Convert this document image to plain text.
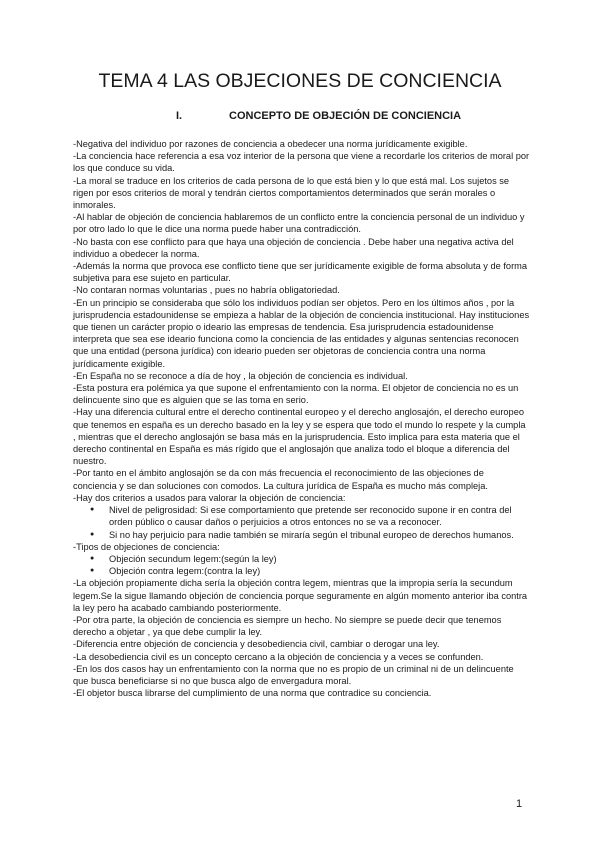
TEMA 4 LAS OBJECIONES DE CONCIENCIA
I.	CONCEPTO DE OBJECIÓN DE CONCIENCIA

-Negativa del individuo por razones de conciencia a obedecer una norma jurídicamente exigible.

-La conciencia hace referencia a esa voz interior de la persona que viene a recordarle los criterios de moral por los que conduce su vida.

-La moral se traduce en los criterios de cada persona de lo que está bien y lo que está mal. Los sujetos se rigen por esos criterios de moral y tendrán ciertos comportamientos determinados que serán morales o inmorales.

-Al hablar de objeción de conciencia hablaremos de un conflicto entre la conciencia personal de un individuo y por otro lado lo que le dice una norma puede haber una contradicción.

-No basta con ese conflicto para que haya una objeción de conciencia . Debe haber una negativa activa del individuo a obedecer la norma.

-Además la norma que provoca ese conflicto tiene que ser jurídicamente exigible de forma absoluta y de forma subjetiva para ese sujeto en particular.

-No contaran normas voluntarias , pues no habría obligatoriedad.

-En un principio se consideraba que sólo los individuos podían ser objetos. Pero en los últimos años , por la jurisprudencia estadounidense se empieza a hablar de la objeción de conciencia institucional. Hay instituciones que tienen un carácter propio o ideario las empresas de tendencia. Esa jurisprudencia estadounidense interpreta que sea ese ideario funciona como la conciencia de las entidades y algunas sentencias reconocen que una entidad (persona jurídica) con ideario pueden ser objetoras de conciencia contra una norma jurídicamente exigible.

-En España no se reconoce a día de hoy , la objeción de conciencia es individual.

-Esta postura era polémica ya que supone el enfrentamiento con la norma. El objetor de conciencia no es un delincuente sino que es alguien que se las toma en serio.

-Hay una diferencia cultural entre el derecho continental europeo y el derecho anglosajón, el derecho europeo que tenemos en españa es un derecho basado en la ley y se espera que todo el mundo lo respete y la cumpla , mientras que el derecho anglosajón se basa más en la jurisprudencia. Esto implica para esta materia que el derecho continental en España es más rígido que el anglosajón que analiza todo el bloque a diferencia del nuestro.

-Por tanto en el ámbito anglosajón se da con más frecuencia el reconocimiento de las objeciones de conciencia y se dan soluciones con comodos. La cultura jurídica de España es mucho más compleja.

-Hay dos criterios a usados para valorar la objeción de conciencia:

● Nivel de peligrosidad: Si ese comportamiento que pretende ser reconocido supone ir en contra del orden público o causar daños o perjuicios a otros entonces no se va a reconocer.
● Si no hay perjuicio para nadie también se miraría según el tribunal europeo de derechos humanos.

-Tipos de objeciones de conciencia:

● Objeción secundum legem:(según la ley)
● Objeción contra legem:(contra la ley)

-La objeción propiamente dicha sería la objeción contra legem, mientras que la impropia sería la secundum legem.Se la sigue llamando objeción de conciencia porque seguramente en algún momento anterior iba contra la ley pero ha acabado cambiando posteriormente.

-Por otra parte, la objeción de conciencia es siempre un hecho. No siempre se puede decir que tenemos derecho a objetar , ya que debe cumplir la ley.

-Diferencia entre objeción de conciencia y desobediencia civil, cambiar o derogar una ley.

-La desobediencia civil es un concepto cercano a la objeción de conciencia y a veces se confunden.

-En los dos casos hay un enfrentamiento con la norma que no es propio de un criminal ni de un delincuente que busca beneficiarse si no que busca algo de envergadura moral.

-El objetor busca librarse del cumplimiento de una norma que contradice su conciencia.

1
